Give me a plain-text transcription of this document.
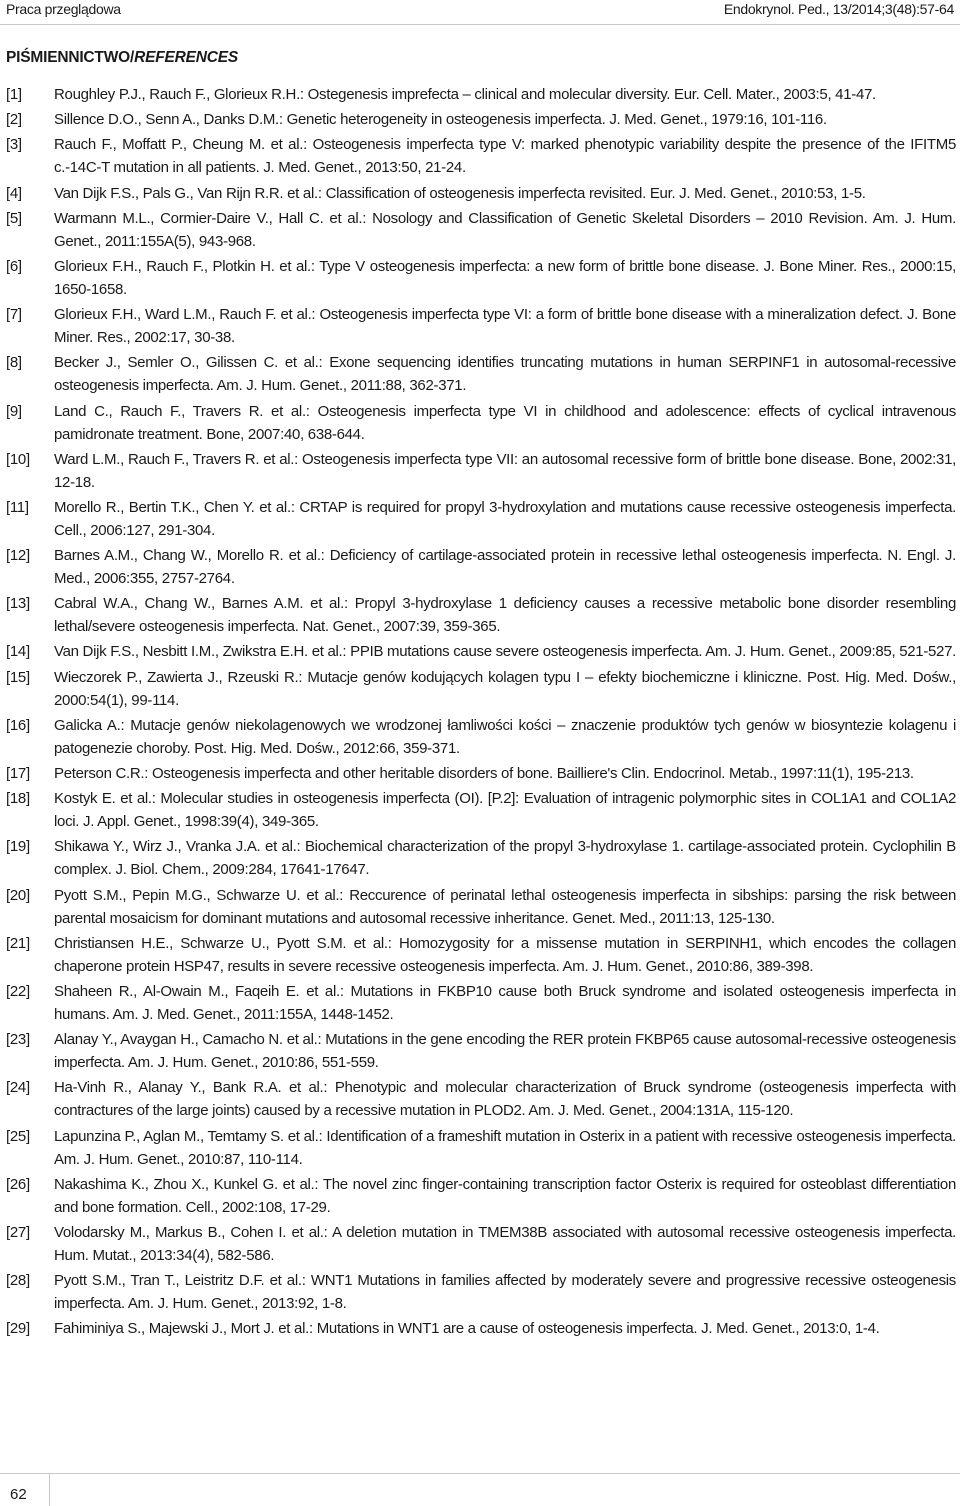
Praca przeglądowa	Endokrynol. Ped., 13/2014;3(48):57-64
PIŚMIENNICTWO/REFERENCES
[1] Roughley P.J., Rauch F., Glorieux R.H.: Ostegenesis imprefecta – clinical and molecular diversity. Eur. Cell. Mater., 2003:5, 41-47.
[2] Sillence D.O., Senn A., Danks D.M.: Genetic heterogeneity in osteogenesis imperfecta. J. Med. Genet., 1979:16, 101-116.
[3] Rauch F., Moffatt P., Cheung M. et al.: Osteogenesis imperfecta type V: marked phenotypic variability despite the presence of the IFITM5 c.-14C-T mutation in all patients. J. Med. Genet., 2013:50, 21-24.
[4] Van Dijk F.S., Pals G., Van Rijn R.R. et al.: Classification of osteogenesis imperfecta revisited. Eur. J. Med. Genet., 2010:53, 1-5.
[5] Warmann M.L., Cormier-Daire V., Hall C. et al.: Nosology and Classification of Genetic Skeletal Disorders – 2010 Revision. Am. J. Hum. Genet., 2011:155A(5), 943-968.
[6] Glorieux F.H., Rauch F., Plotkin H. et al.: Type V osteogenesis imperfecta: a new form of brittle bone disease. J. Bone Miner. Res., 2000:15, 1650-1658.
[7] Glorieux F.H., Ward L.M., Rauch F. et al.: Osteogenesis imperfecta type VI: a form of brittle bone disease with a mineralization defect. J. Bone Miner. Res., 2002:17, 30-38.
[8] Becker J., Semler O., Gilissen C. et al.: Exone sequencing identifies truncating mutations in human SERPINF1 in autosomal-recessive osteogenesis imperfecta. Am. J. Hum. Genet., 2011:88, 362-371.
[9] Land C., Rauch F., Travers R. et al.: Osteogenesis imperfecta type VI in childhood and adolescence: effects of cyclical intravenous pamidronate treatment. Bone, 2007:40, 638-644.
[10] Ward L.M., Rauch F., Travers R. et al.: Osteogenesis imperfecta type VII: an autosomal recessive form of brittle bone disease. Bone, 2002:31, 12-18.
[11] Morello R., Bertin T.K., Chen Y. et al.: CRTAP is required for propyl 3-hydroxylation and mutations cause recessive osteogenesis imperfecta. Cell., 2006:127, 291-304.
[12] Barnes A.M., Chang W., Morello R. et al.: Deficiency of cartilage-associated protein in recessive lethal osteogenesis imperfecta. N. Engl. J. Med., 2006:355, 2757-2764.
[13] Cabral W.A., Chang W., Barnes A.M. et al.: Propyl 3-hydroxylase 1 deficiency causes a recessive metabolic bone disorder resembling lethal/severe osteogenesis imperfecta. Nat. Genet., 2007:39, 359-365.
[14] Van Dijk F.S., Nesbitt I.M., Zwikstra E.H. et al.: PPIB mutations cause severe osteogenesis imperfecta. Am. J. Hum. Genet., 2009:85, 521-527.
[15] Wieczorek P., Zawierta J., Rzeuski R.: Mutacje genów kodujących kolagen typu I – efekty biochemiczne i kliniczne. Post. Hig. Med. Dośw., 2000:54(1), 99-114.
[16] Galicka A.: Mutacje genów niekolagenowych we wrodzonej łamliwości kości – znaczenie produktów tych genów w biosyntezie kolagenu i patogenezie choroby. Post. Hig. Med. Dośw., 2012:66, 359-371.
[17] Peterson C.R.: Osteogenesis imperfecta and other heritable disorders of bone. Bailliere's Clin. Endocrinol. Metab., 1997:11(1), 195-213.
[18] Kostyk E. et al.: Molecular studies in osteogenesis imperfecta (OI). [P.2]: Evaluation of intragenic polymorphic sites in COL1A1 and COL1A2 loci. J. Appl. Genet., 1998:39(4), 349-365.
[19] Shikawa Y., Wirz J., Vranka J.A. et al.: Biochemical characterization of the propyl 3-hydroxylase 1. cartilage-associated protein. Cyclophilin B complex. J. Biol. Chem., 2009:284, 17641-17647.
[20] Pyott S.M., Pepin M.G., Schwarze U. et al.: Reccurence of perinatal lethal osteogenesis imperfecta in sibships: parsing the risk between parental mosaicism for dominant mutations and autosomal recessive inheritance. Genet. Med., 2011:13, 125-130.
[21] Christiansen H.E., Schwarze U., Pyott S.M. et al.: Homozygosity for a missense mutation in SERPINH1, which encodes the collagen chaperone protein HSP47, results in severe recessive osteogenesis imperfecta. Am. J. Hum. Genet., 2010:86, 389-398.
[22] Shaheen R., Al-Owain M., Faqeih E. et al.: Mutations in FKBP10 cause both Bruck syndrome and isolated osteogenesis imperfecta in humans. Am. J. Med. Genet., 2011:155A, 1448-1452.
[23] Alanay Y., Avaygan H., Camacho N. et al.: Mutations in the gene encoding the RER protein FKBP65 cause autosomal-recessive osteogenesis imperfecta. Am. J. Hum. Genet., 2010:86, 551-559.
[24] Ha-Vinh R., Alanay Y., Bank R.A. et al.: Phenotypic and molecular characterization of Bruck syndrome (osteogenesis imperfecta with contractures of the large joints) caused by a recessive mutation in PLOD2. Am. J. Med. Genet., 2004:131A, 115-120.
[25] Lapunzina P., Aglan M., Temtamy S. et al.: Identification of a frameshift mutation in Osterix in a patient with recessive osteogenesis imperfecta. Am. J. Hum. Genet., 2010:87, 110-114.
[26] Nakashima K., Zhou X., Kunkel G. et al.: The novel zinc finger-containing transcription factor Osterix is required for osteoblast differentiation and bone formation. Cell., 2002:108, 17-29.
[27] Volodarsky M., Markus B., Cohen I. et al.: A deletion mutation in TMEM38B associated with autosomal recessive osteogenesis imperfecta. Hum. Mutat., 2013:34(4), 582-586.
[28] Pyott S.M., Tran T., Leistritz D.F. et al.: WNT1 Mutations in families affected by moderately severe and progressive recessive osteogenesis imperfecta. Am. J. Hum. Genet., 2013:92, 1-8.
[29] Fahiminiya S., Majewski J., Mort J. et al.: Mutations in WNT1 are a cause of osteogenesis imperfecta. J. Med. Genet., 2013:0, 1-4.
62
